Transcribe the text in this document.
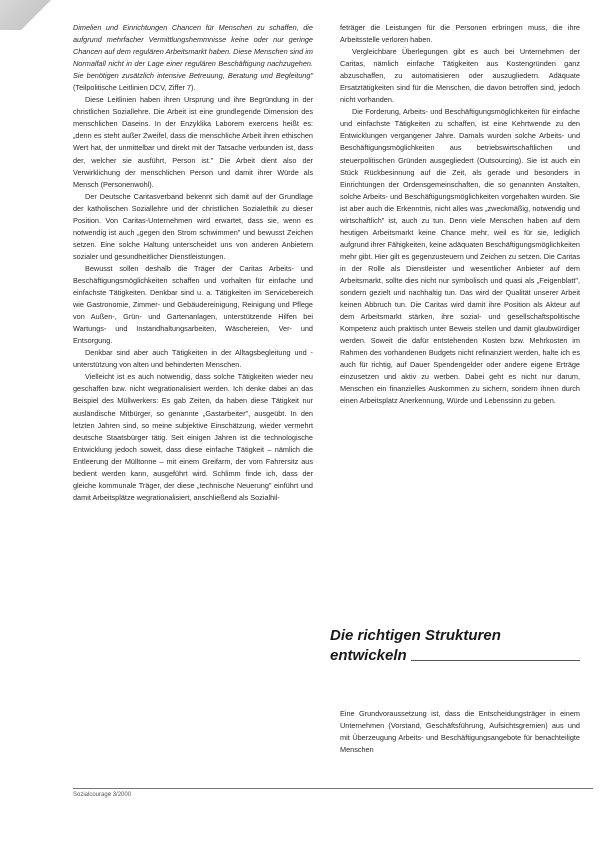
Dimelien und Einrichtungen Chancen für Menschen zu schaffen, die aufgrund mehrfacher Vermittlungshemmnisse keine oder nur geringe Chancen auf dem regulären Arbeitsmarkt haben. Diese Menschen sind im Normalfall nicht in der Lage einer regulären Beschäftigung nachzugehen. Sie benötigen zusätzlich intensive Betreuung, Beratung und Begleitung" (Teilpolitische Leitlinien DCV, Ziffer 7).

Diese Leitlinien haben ihren Ursprung und ihre Begründung in der christlichen Soziallehre. Die Arbeit ist eine grundlegende Dimension des menschlichen Daseins. In der Enzyklika Laborem exercens heißt es: „denn es steht außer Zweifel, dass die menschliche Arbeit ihren ethischen Wert hat, der unmittelbar und direkt mit der Tatsache verbunden ist, dass der, welcher sie ausführt, Person ist." Die Arbeit dient also der Verwirklichung der menschlichen Person und damit ihrer Würde als Mensch (Personenwohl).

Der Deutsche Caritasverband bekennt sich damit auf der Grundlage der katholischen Soziallehre und der christlichen Sozialethik zu dieser Position. Von Caritas-Unternehmen wird erwartet, dass sie, wenn es notwendig ist auch „gegen den Strom schwimmen" und bewusst Zeichen setzen. Eine solche Haltung unterscheidet uns von anderen Anbietern sozialer und gesundheitlicher Dienstleistungen.

Bewusst sollen deshalb die Träger der Caritas Arbeits- und Beschäftigungsmöglichkeiten schaffen und vorhalten für einfache und einfachste Tätigkeiten. Denkbar sind u. a. Tätigkeiten im Servicebereich wie Gastronomie, Zimmer- und Gebäudereinigung, Reinigung und Pflege von Außen-, Grün- und Gartenanlagen, unterstützende Hilfen bei Wartungs- und Instandhaltungsarbeiten, Wäschereien, Ver- und Entsorgung.

Denkbar sind aber auch Tätigkeiten in der Alltagsbegleitung und -unterstützung von alten und behinderten Menschen.

Vielleicht ist es auch notwendig, dass solche Tätigkeiten wieder neu geschaffen bzw. nicht wegrationalisiert werden. Ich denke dabei an das Beispiel des Müllwerkers: Es gab Zeiten, da haben diese Tätigkeit nur ausländische Mitbürger, so genannte „Gastarbeiter", ausgeübt. In den letzten Jahren sind, so meine subjektive Einschätzung, wieder vermehrt deutsche Staatsbürger tätig. Seit einigen Jahren ist die technologische Entwicklung jedoch soweit, dass diese einfache Tätigkeit – nämlich die Entleerung der Mülltonne – mit einem Greifarm, der vom Fahrersitz aus bedient werden kann, ausgeführt wird. Schlimm finde ich, dass der gleiche kommunale Träger, der diese „technische Neuerung" einführt und damit Arbeitsplätze wegrationalisiert, anschließend als Sozialhil-

feträger die Leistungen für die Personen erbringen muss, die ihre Arbeitsstelle verloren haben.

Vergleichbare Überlegungen gibt es auch bei Unternehmen der Caritas, nämlich einfache Tätigkeiten aus Kostengründen ganz abzuschaffen, zu automatisieren oder auszugliedern. Adäquate Ersatztätigkeiten sind für die Menschen, die davon betroffen sind, jedoch nicht vorhanden.

Die Forderung, Arbeits- und Beschäftigungsmöglichkeiten für einfache und einfachste Tätigkeiten zu schaffen, ist eine Kehrtwende zu den Entwicklungen vergangener Jahre. Damals wurden solche Arbeits- und Beschäftigungsmöglichkeiten aus betriebswirtschaftlichen und steuerpolitischen Gründen ausgegliedert (Outsourcing). Sie ist auch ein Stück Rückbesinnung auf die Zeit, als gerade und besonders in Einrichtungen der Ordensgemeinschaften, die so genannten Anstalten, solche Arbeits- und Beschäftigungsmöglichkeiten vorgehalten wurden. Sie ist aber auch die Erkenntnis, nicht alles was „zweckmäßig, notwendig und wirtschaftlich" ist, auch zu tun. Denn viele Menschen haben auf dem heutigen Arbeitsmarkt keine Chance mehr, weil es für sie, lediglich aufgrund ihrer Fähigkeiten, keine adäquaten Beschäftigungsmöglichkeiten mehr gibt. Hier gilt es gegenzusteuern und Zeichen zu setzen. Die Caritas in der Rolle als Dienstleister und wesentlicher Anbieter auf dem Arbeitsmarkt, sollte dies nicht nur symbolisch und quasi als „Feigenblatt", sondern gezielt und nachhaltig tun. Das wird der Qualität unserer Arbeit keinen Abbruch tun. Die Caritas wird damit ihre Position als Akteur auf dem Arbeitsmarkt stärken, ihre sozial- und gesellschaftspolitische Kompetenz auch praktisch unter Beweis stellen und damit glaubwürdiger werden. Soweit die dafür entstehenden Kosten bzw. Mehrkosten im Rahmen des vorhandenen Budgets nicht refinanziert werden, halte ich es auch für richtig, auf Dauer Spendengelder oder andere eigene Erträge einzusetzen und aktiv zu werben. Dabei geht es nicht nur darum, Menschen ein finanzielles Auskommen zu sichern, sondern ihnen durch einen Arbeitsplatz Anerkennung, Würde und Lebenssinn zu geben.

Die richtigen Strukturen
entwickeln

Eine Grundvoraussetzung ist, dass die Entscheidungsträger in einem Unternehmen (Vorstand, Geschäftsführung, Aufsichtsgremien) aus und mit Überzeugung Arbeits- und Beschäftigungsangebote für benachteiligte Menschen

Sozialcourage 3/2000
